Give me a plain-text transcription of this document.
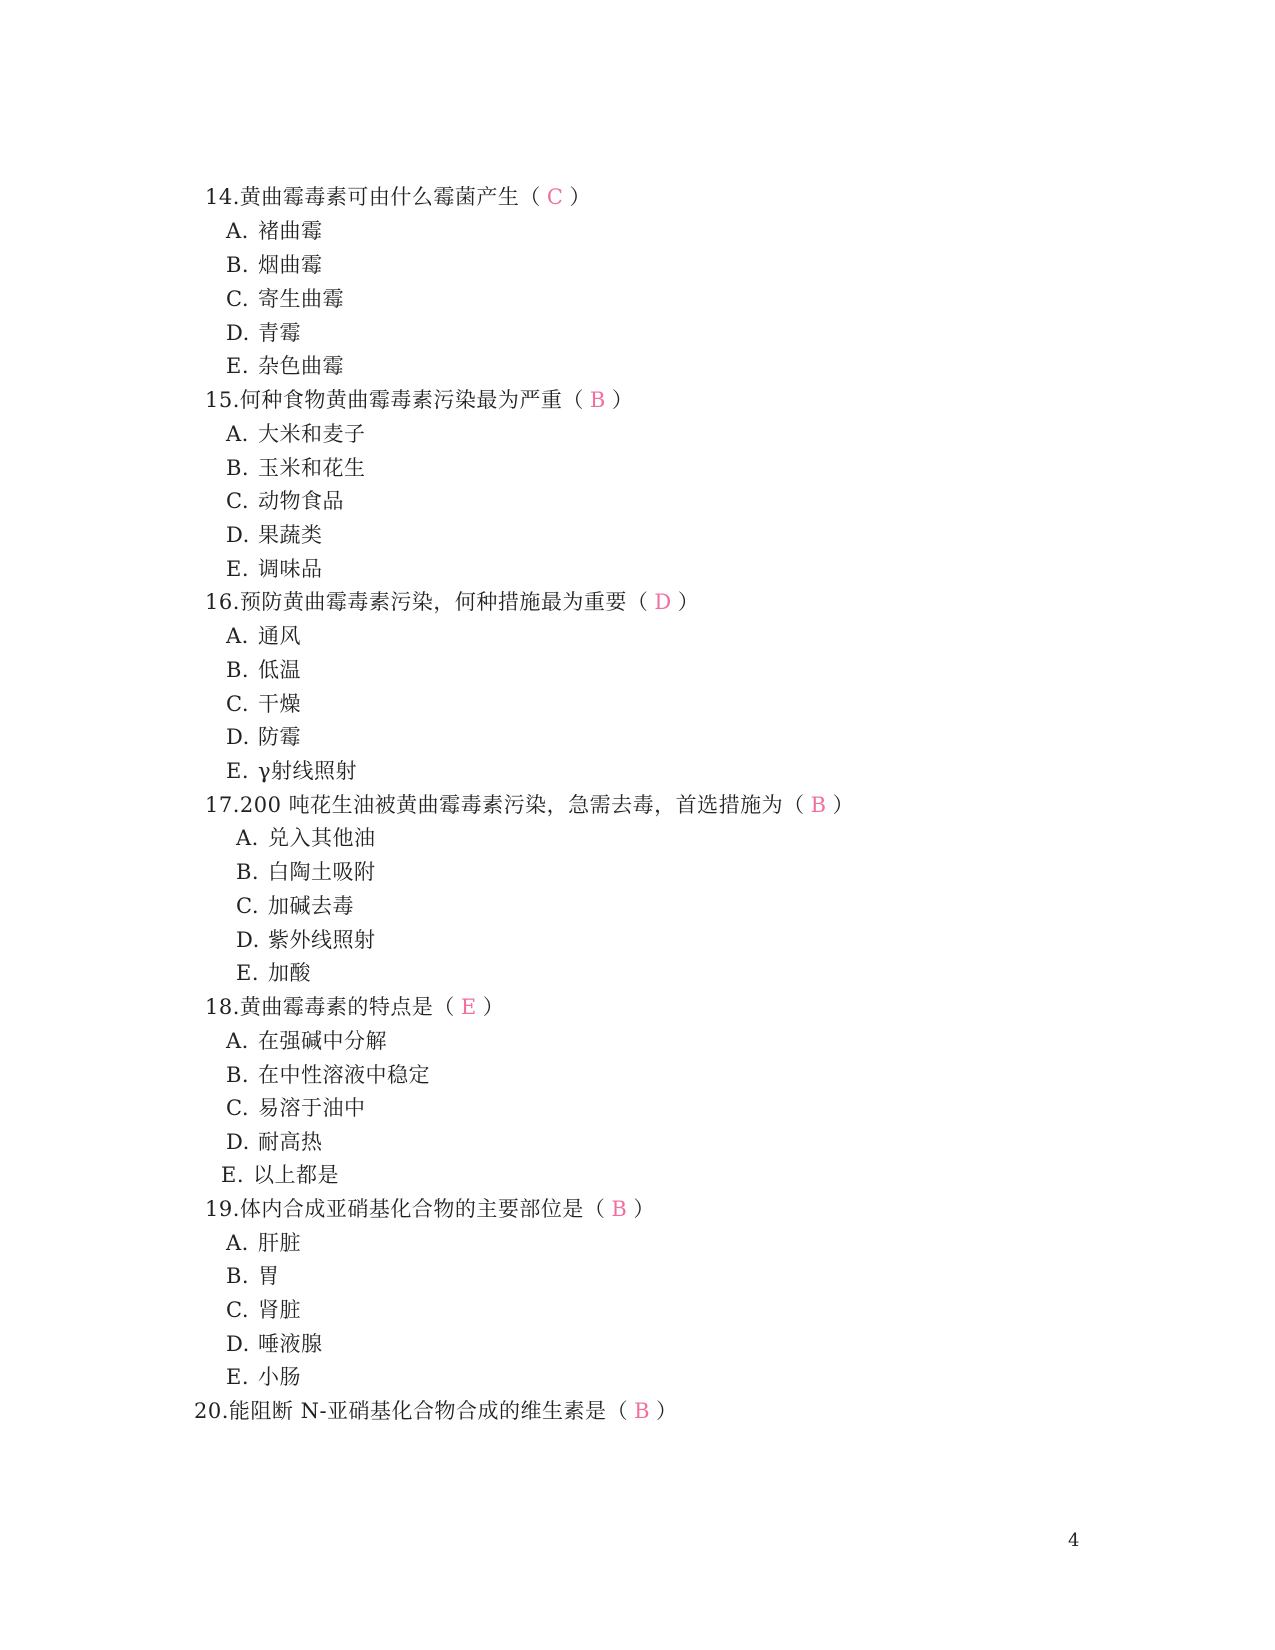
14.黄曲霉毒素可由什么霉菌产生（ C ）
A. 褚曲霉
B. 烟曲霉
C. 寄生曲霉
D. 青霉
E. 杂色曲霉
15.何种食物黄曲霉毒素污染最为严重（ B ）
A. 大米和麦子
B. 玉米和花生
C. 动物食品
D. 果蔬类
E. 调味品
16.预防黄曲霉毒素污染，何种措施最为重要（ D ）
A. 通风
B. 低温
C. 干燥
D. 防霉
E. γ射线照射
17.200 吨花生油被黄曲霉毒素污染，急需去毒，首选措施为（ B ）
A. 兑入其他油
B. 白陶土吸附
C. 加碱去毒
D. 紫外线照射
E. 加酸
18.黄曲霉毒素的特点是（ E ）
A. 在强碱中分解
B. 在中性溶液中稳定
C. 易溶于油中
D. 耐高热
E. 以上都是
19.体内合成亚硝基化合物的主要部位是（ B ）
A. 肝脏
B. 胃
C. 肾脏
D. 唾液腺
E. 小肠
20.能阻断 N-亚硝基化合物合成的维生素是（ B ）
4
